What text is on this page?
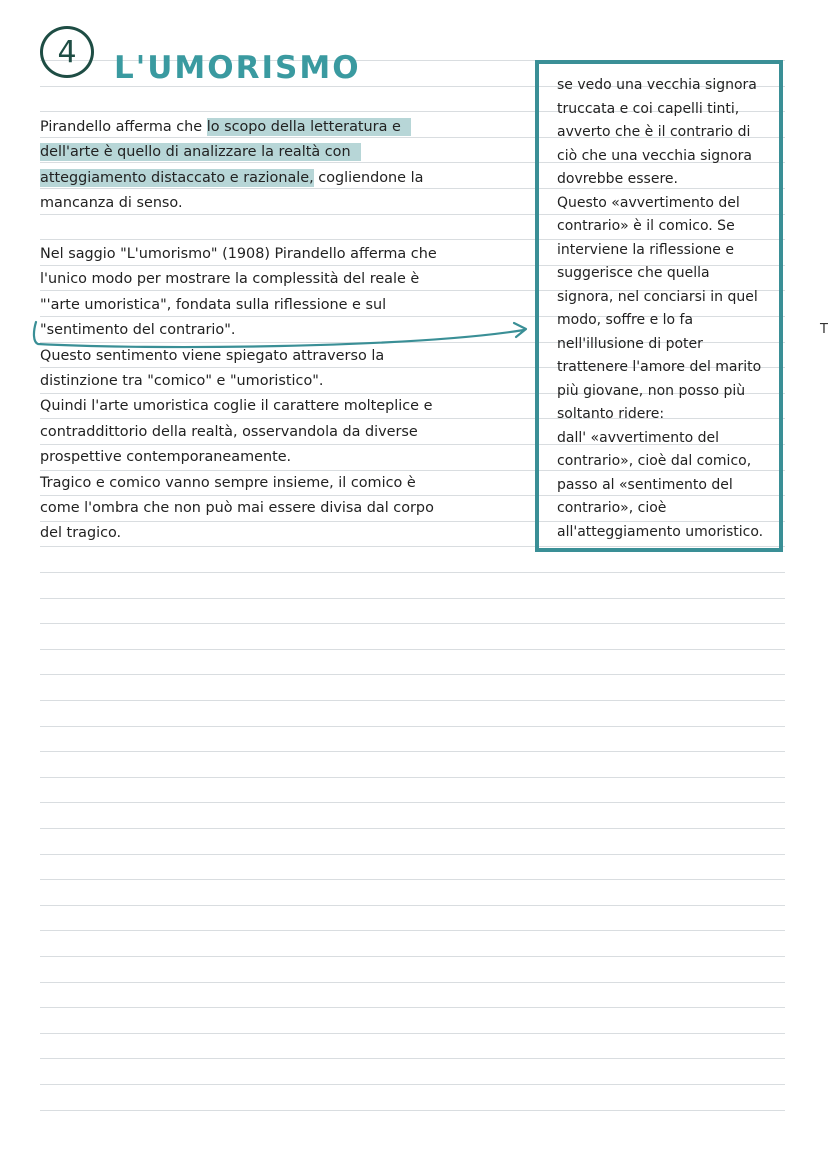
4	L'UMORISMO

Pirandello afferma che lo scopo della letteratura e

dell'arte è quello di analizzare la realtà con

atteggiamento distaccato e razionale, cogliendone la

mancanza di senso.

Nel saggio "L'umorismo" (1908) Pirandello afferma che

l'unico modo per mostrare la complessità del reale è

"'arte umoristica", fondata sulla riflessione e sul

"sentimento del contrario".

Questo sentimento viene spiegato attraverso la

distinzione tra "comico" e "umoristico".

Quindi l'arte umoristica coglie il carattere molteplice e

contraddittorio della realtà, osservandola da diverse

prospettive contemporaneamente.

Tragico e comico vanno sempre insieme, il comico è

come l'ombra che non può mai essere divisa dal corpo

del tragico.

se vedo una vecchia signora

truccata e coi capelli tinti,

avverto che è il contrario di

ciò che una vecchia signora

dovrebbe essere.

Questo «avvertimento del

contrario» è il comico. Se

interviene la riflessione e

suggerisce che quella

signora, nel conciarsi in quel

modo, soffre e lo fa

nell'illusione di poter

trattenere l'amore del marito

più giovane, non posso più

soltanto ridere:

dall' «avvertimento del

contrario», cioè dal comico,

passo al «sentimento del

contrario», cioè

all'atteggiamento umoristico.

T
